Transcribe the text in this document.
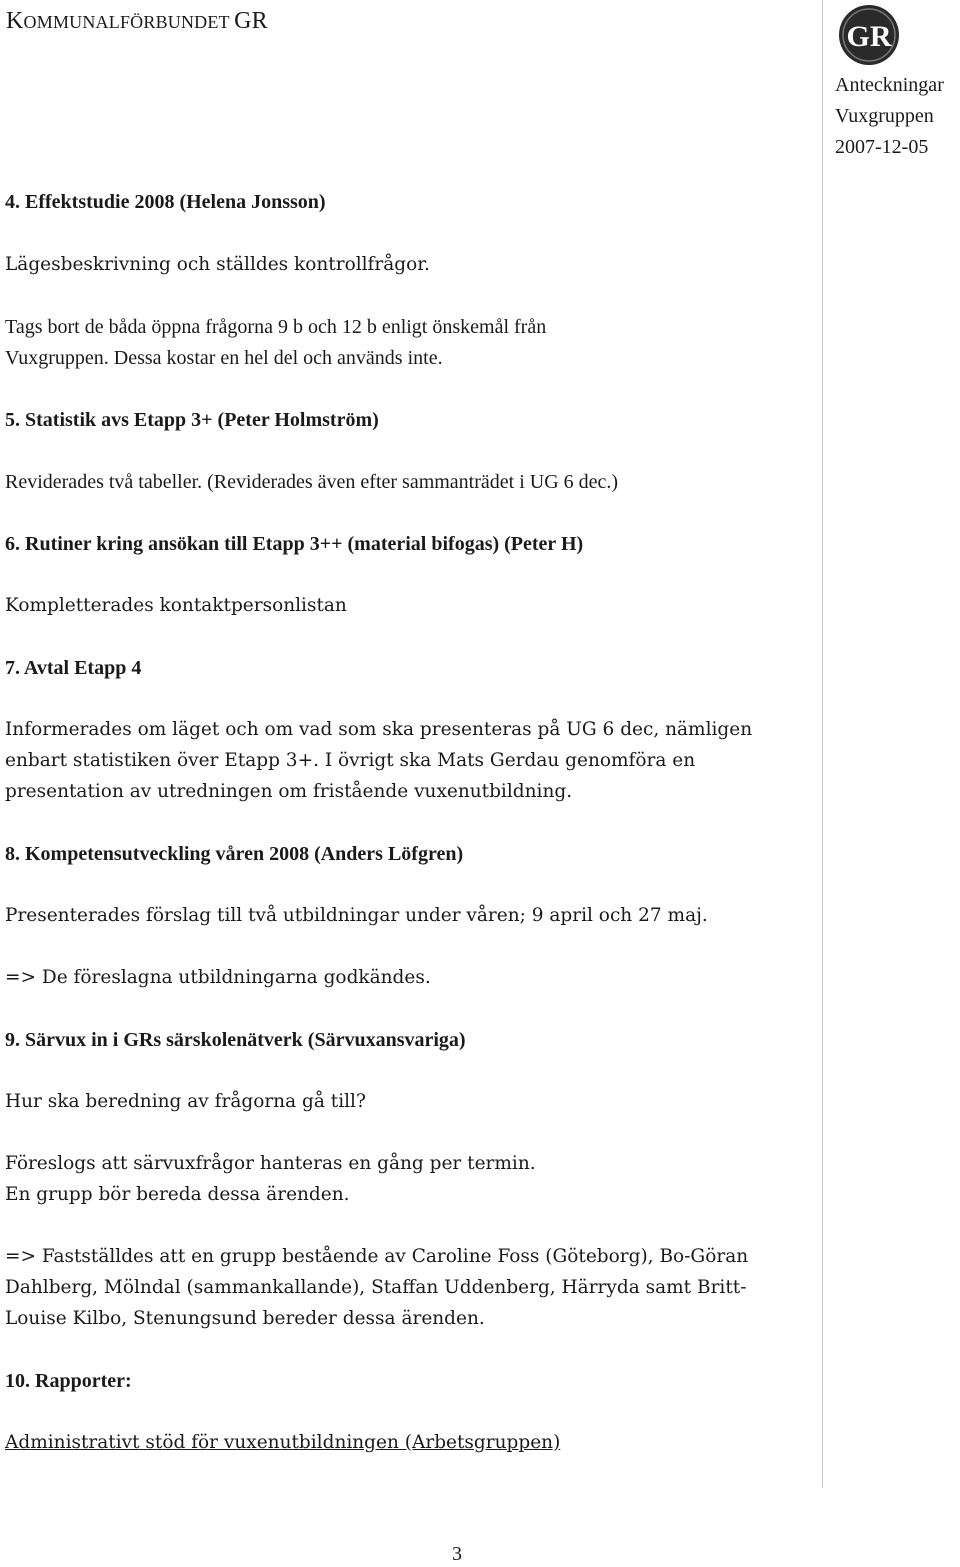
KOMMUNALFÖRBUNDET GR	GR
Anteckningar
Vuxgruppen
2007-12-05
4. Effektstudie 2008 (Helena Jonsson)
Lägesbeskrivning och ställdes kontrollfrågor.
Tags bort de båda öppna frågorna 9 b och 12 b enligt önskemål från
Vuxgruppen. Dessa kostar en hel del och används inte.
5. Statistik avs Etapp 3+ (Peter Holmström)
Reviderades två tabeller. (Reviderades även efter sammanträdet i UG 6 dec.)
6. Rutiner kring ansökan till Etapp 3++ (material bifogas) (Peter H)
Kompletterades kontaktpersonlistan
7. Avtal Etapp 4
Informerades om läget och om vad som ska presenteras på UG 6 dec, nämligen
enbart statistiken över Etapp 3+. I övrigt ska Mats Gerdau genomföra en
presentation av utredningen om fristående vuxenutbildning.
8. Kompetensutveckling våren 2008 (Anders Löfgren)
Presenterades förslag till två utbildningar under våren; 9 april och 27 maj.
=> De föreslagna utbildningarna godkändes.
9. Särvux in i GRs särskolenätverk (Särvuxansvariga)
Hur ska beredning av frågorna gå till?
Föreslogs att särvuxfrågor hanteras en gång per termin.
En grupp bör bereda dessa ärenden.
=> Fastställdes att en grupp bestående av Caroline Foss (Göteborg), Bo-Göran
Dahlberg, Mölndal (sammankallande), Staffan Uddenberg, Härryda samt Britt-
Louise Kilbo, Stenungsund bereder dessa ärenden.
10. Rapporter:
Administrativt stöd för vuxenutbildningen (Arbetsgruppen)
3
